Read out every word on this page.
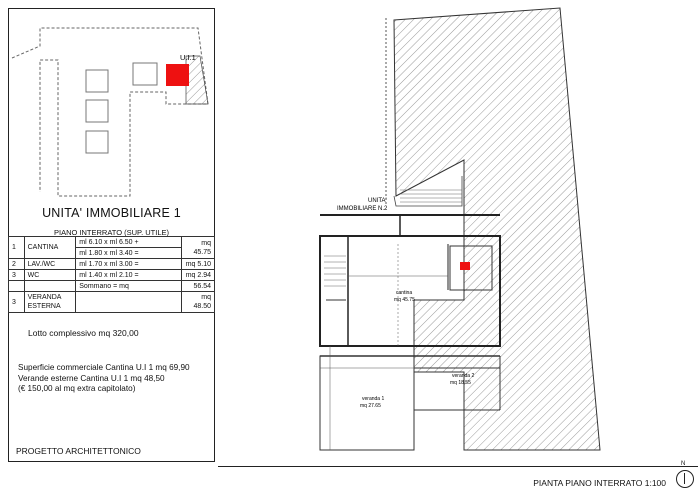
U.I.1
UNITA'
IMMOBILIARE N.2
cantina
mq 45.75
veranda 1
mq 27.65
veranda 2
mq 18.55
UNITA' IMMOBILIARE 1
PIANO INTERRATO (SUP. UTILE)
1	CANTINA	ml 6.10 x ml 6.50 +	mq 45.75
		ml 1.80 x ml 3.40 =	
2	LAV./WC	ml 1.70 x ml 3.00 =	mq 5.10
3	WC	ml 1.40 x ml 2.10 =	mq 2.94
		Sommano = mq	56.54
3	VERANDA ESTERNA		mq 48.50
Lotto complessivo mq 320,00
Superficie commerciale Cantina U.I 1 mq 69,90
Verande esterne Cantina U.I 1 mq 48,50
(€ 150,00 al mq extra capitolato)
PROGETTO ARCHITETTONICO
PIANTA PIANO INTERRATO 1:100
N
